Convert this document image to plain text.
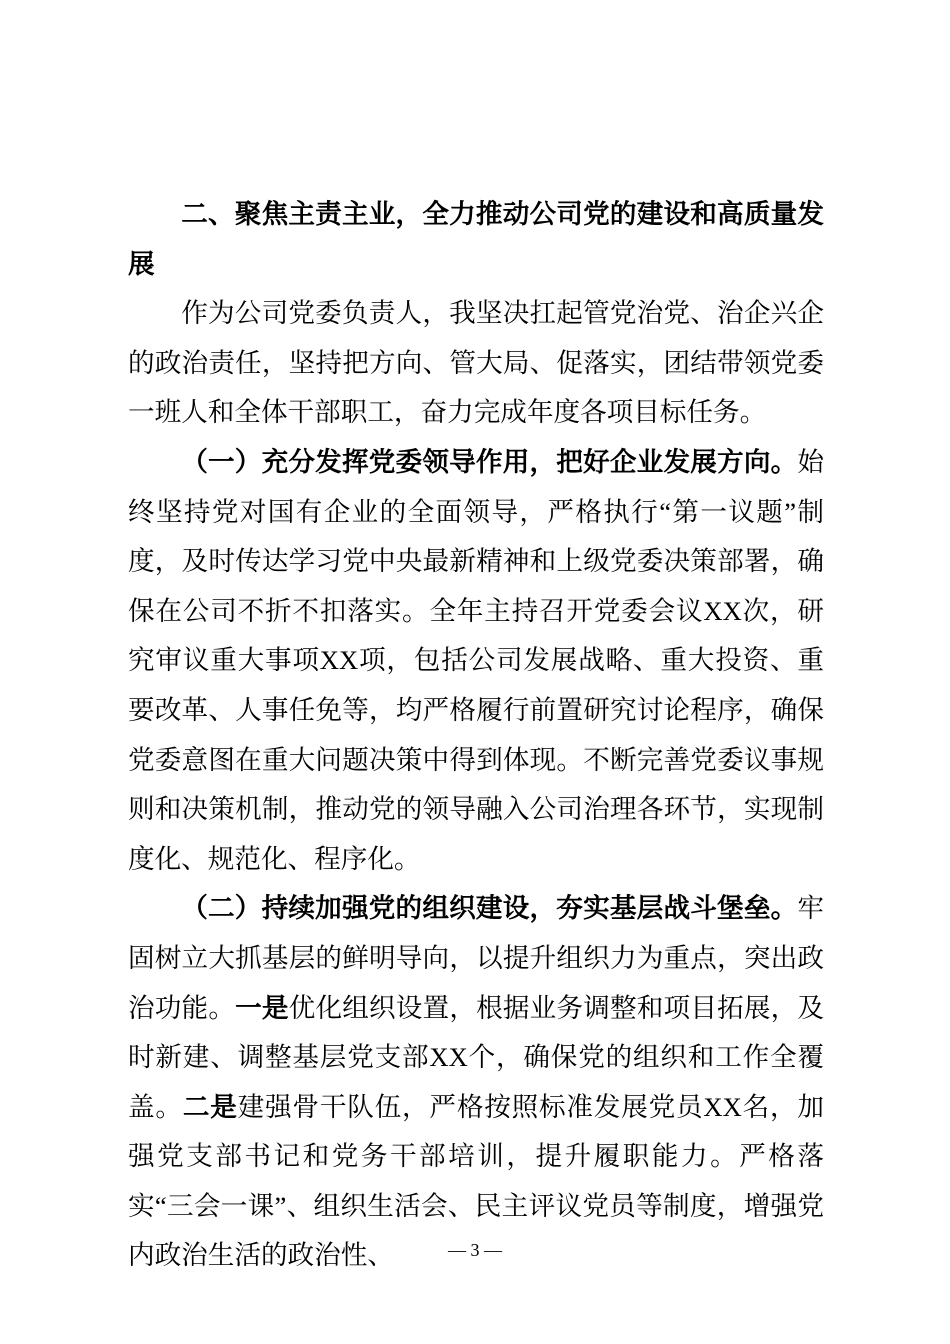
二、聚焦主责主业，全力推动公司党的建设和高质量发展

作为公司党委负责人，我坚决扛起管党治党、治企兴企的政治责任，坚持把方向、管大局、促落实，团结带领党委一班人和全体干部职工，奋力完成年度各项目标任务。

（一）充分发挥党委领导作用，把好企业发展方向。始终坚持党对国有企业的全面领导，严格执行“第一议题”制度，及时传达学习党中央最新精神和上级党委决策部署，确保在公司不折不扣落实。全年主持召开党委会议XX次，研究审议重大事项XX项，包括公司发展战略、重大投资、重要改革、人事任免等，均严格履行前置研究讨论程序，确保党委意图在重大问题决策中得到体现。不断完善党委议事规则和决策机制，推动党的领导融入公司治理各环节，实现制度化、规范化、程序化。

（二）持续加强党的组织建设，夯实基层战斗堡垒。牢固树立大抓基层的鲜明导向，以提升组织力为重点，突出政治功能。一是优化组织设置，根据业务调整和项目拓展，及时新建、调整基层党支部XX个，确保党的组织和工作全覆盖。二是建强骨干队伍，严格按照标准发展党员XX名，加强党支部书记和党务干部培训，提升履职能力。严格落实“三会一课”、组织生活会、民主评议党员等制度，增强党内政治生活的政治性、	— 3 —
